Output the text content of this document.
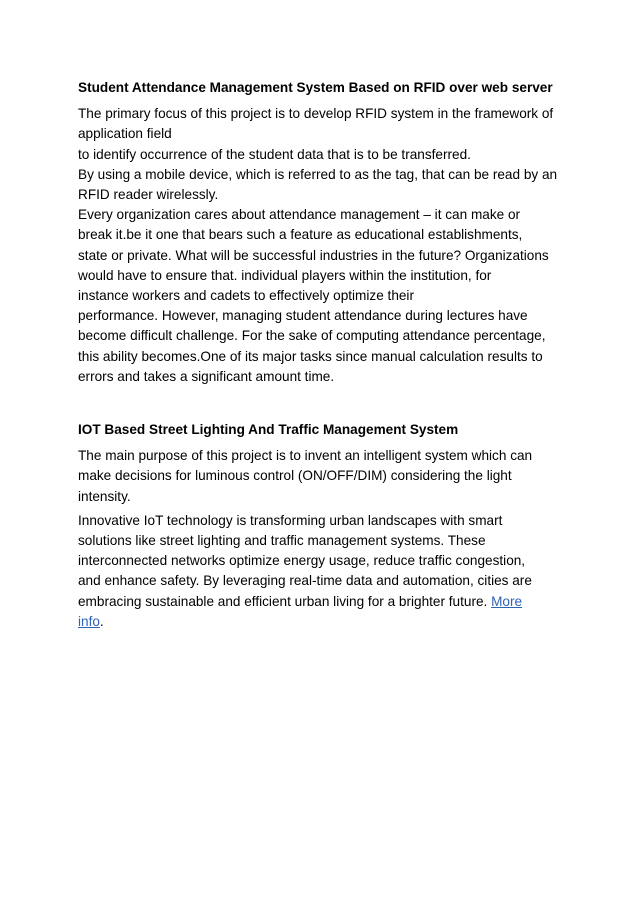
Student Attendance Management System Based on RFID over web server
The primary focus of this project is to develop RFID system in the framework of
application field
to identify occurrence of the student data that is to be transferred.
By using a mobile device, which is referred to as the tag, that can be read by an
RFID reader wirelessly.
Every organization cares about attendance management – it can make or
break it.be it one that bears such a feature as educational establishments,
state or private. What will be successful industries in the future? Organizations
would have to ensure that. individual players within the institution, for
instance workers and cadets to effectively optimize their
performance. However, managing student attendance during lectures have
become difficult challenge. For the sake of computing attendance percentage,
this ability becomes.One of its major tasks since manual calculation results to
errors and takes a significant amount time.
IOT Based Street Lighting And Traffic Management System
The main purpose of this project is to invent an intelligent system which can
make decisions for luminous control (ON/OFF/DIM) considering the light
intensity.
Innovative IoT technology is transforming urban landscapes with smart
solutions like street lighting and traffic management systems. These
interconnected networks optimize energy usage, reduce traffic congestion,
and enhance safety. By leveraging real-time data and automation, cities are
embracing sustainable and efficient urban living for a brighter future. More
info.
